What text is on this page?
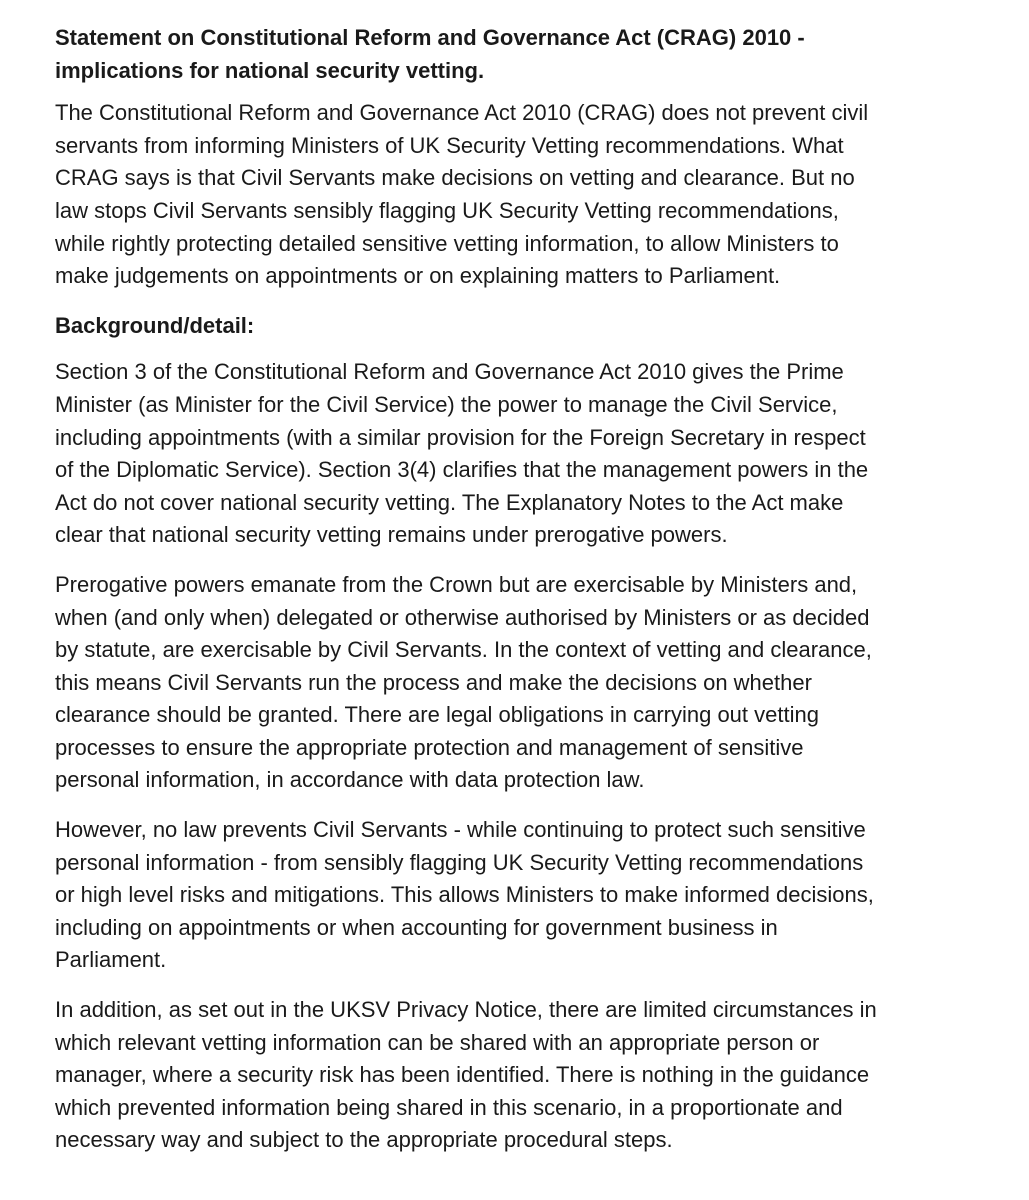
Statement on Constitutional Reform and Governance Act (CRAG) 2010 -
implications for national security vetting.
The Constitutional Reform and Governance Act 2010 (CRAG) does not prevent civil
servants from informing Ministers of UK Security Vetting recommendations. What
CRAG says is that Civil Servants make decisions on vetting and clearance. But no
law stops Civil Servants sensibly flagging UK Security Vetting recommendations,
while rightly protecting detailed sensitive vetting information, to allow Ministers to
make judgements on appointments or on explaining matters to Parliament.
Background/detail:
Section 3 of the Constitutional Reform and Governance Act 2010 gives the Prime
Minister (as Minister for the Civil Service) the power to manage the Civil Service,
including appointments (with a similar provision for the Foreign Secretary in respect
of the Diplomatic Service). Section 3(4) clarifies that the management powers in the
Act do not cover national security vetting. The Explanatory Notes to the Act make
clear that national security vetting remains under prerogative powers.
Prerogative powers emanate from the Crown but are exercisable by Ministers and,
when (and only when) delegated or otherwise authorised by Ministers or as decided
by statute, are exercisable by Civil Servants. In the context of vetting and clearance,
this means Civil Servants run the process and make the decisions on whether
clearance should be granted. There are legal obligations in carrying out vetting
processes to ensure the appropriate protection and management of sensitive
personal information, in accordance with data protection law.
However, no law prevents Civil Servants - while continuing to protect such sensitive
personal information - from sensibly flagging UK Security Vetting recommendations
or high level risks and mitigations. This allows Ministers to make informed decisions,
including on appointments or when accounting for government business in
Parliament.
In addition, as set out in the UKSV Privacy Notice, there are limited circumstances in
which relevant vetting information can be shared with an appropriate person or
manager, where a security risk has been identified. There is nothing in the guidance
which prevented information being shared in this scenario, in a proportionate and
necessary way and subject to the appropriate procedural steps.
